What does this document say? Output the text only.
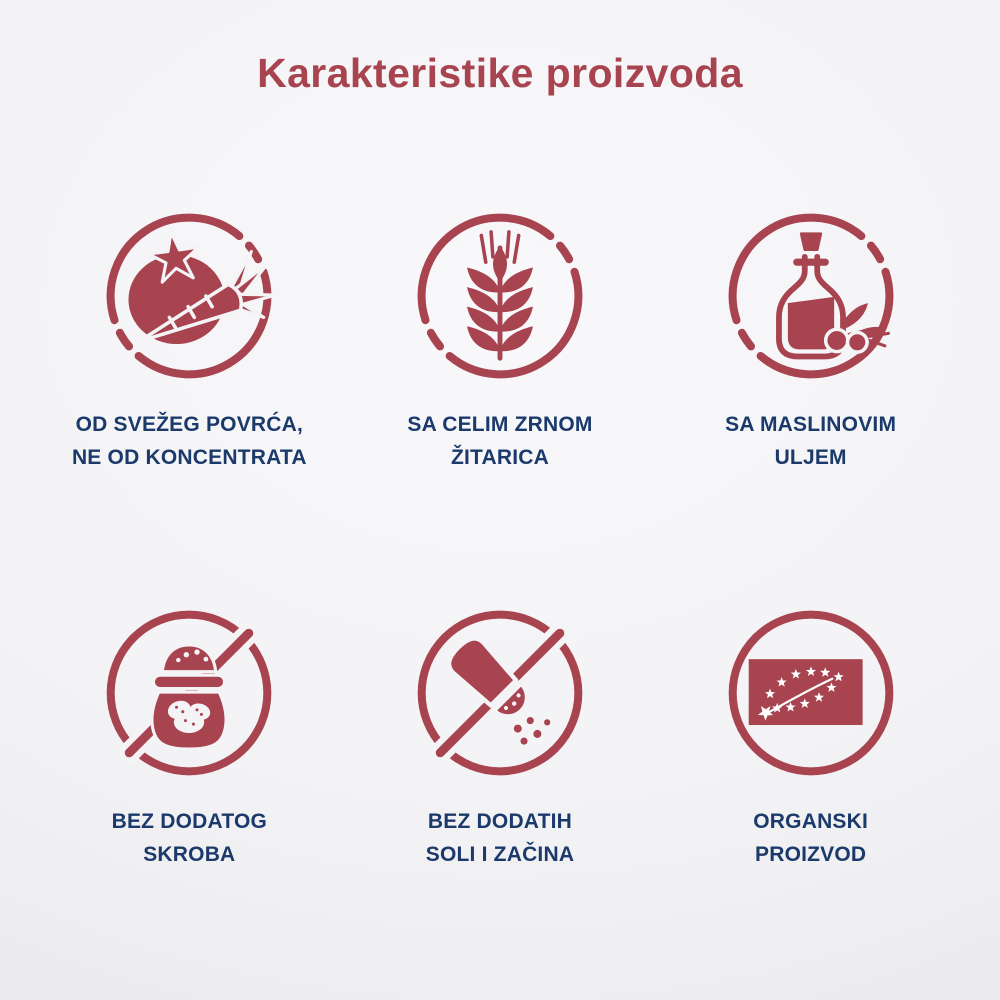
Karakteristike proizvoda

OD SVEŽEG POVRĆA,
NE OD KONCENTRATA

SA CELIM ZRNOM
ŽITARICA

SA MASLINOVIM
ULJEM

BEZ DODATOG
SKROBA

BEZ DODATIH
SOLI I ZAČINA

ORGANSKI
PROIZVOD
